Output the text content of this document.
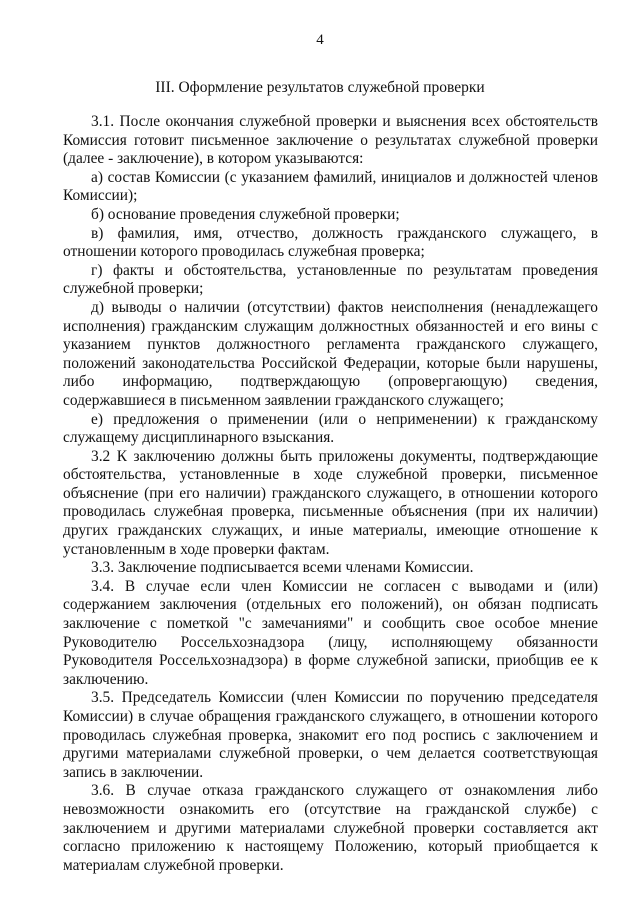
4
III. Оформление результатов служебной проверки

3.1. После окончания служебной проверки и выяснения всех обстоятельств Комиссия готовит письменное заключение о результатах служебной проверки (далее - заключение), в котором указываются:

а) состав Комиссии (с указанием фамилий, инициалов и должностей членов Комиссии);

б) основание проведения служебной проверки;

в) фамилия, имя, отчество, должность гражданского служащего, в отношении которого проводилась служебная проверка;

г) факты и обстоятельства, установленные по результатам проведения служебной проверки;

д) выводы о наличии (отсутствии) фактов неисполнения (ненадлежащего исполнения) гражданским служащим должностных обязанностей и его вины с указанием пунктов должностного регламента гражданского служащего, положений законодательства Российской Федерации, которые были нарушены, либо информацию, подтверждающую (опровергающую) сведения, содержавшиеся в письменном заявлении гражданского служащего;

е) предложения о применении (или о неприменении) к гражданскому служащему дисциплинарного взыскания.

3.2 К заключению должны быть приложены документы, подтверждающие обстоятельства, установленные в ходе служебной проверки, письменное объяснение (при его наличии) гражданского служащего, в отношении которого проводилась служебная проверка, письменные объяснения (при их наличии) других гражданских служащих, и иные материалы, имеющие отношение к установленным в ходе проверки фактам.

3.3. Заключение подписывается всеми членами Комиссии.

3.4. В случае если член Комиссии не согласен с выводами и (или) содержанием заключения (отдельных его положений), он обязан подписать заключение с пометкой "с замечаниями" и сообщить свое особое мнение Руководителю Россельхознадзора (лицу, исполняющему обязанности Руководителя Россельхознадзора) в форме служебной записки, приобщив ее к заключению.

3.5. Председатель Комиссии (член Комиссии по поручению председателя Комиссии) в случае обращения гражданского служащего, в отношении которого проводилась служебная проверка, знакомит его под роспись с заключением и другими материалами служебной проверки, о чем делается соответствующая запись в заключении.

3.6. В случае отказа гражданского служащего от ознакомления либо невозможности ознакомить его (отсутствие на гражданской службе) с заключением и другими материалами служебной проверки составляется акт согласно приложению к настоящему Положению, который приобщается к материалам служебной проверки.
